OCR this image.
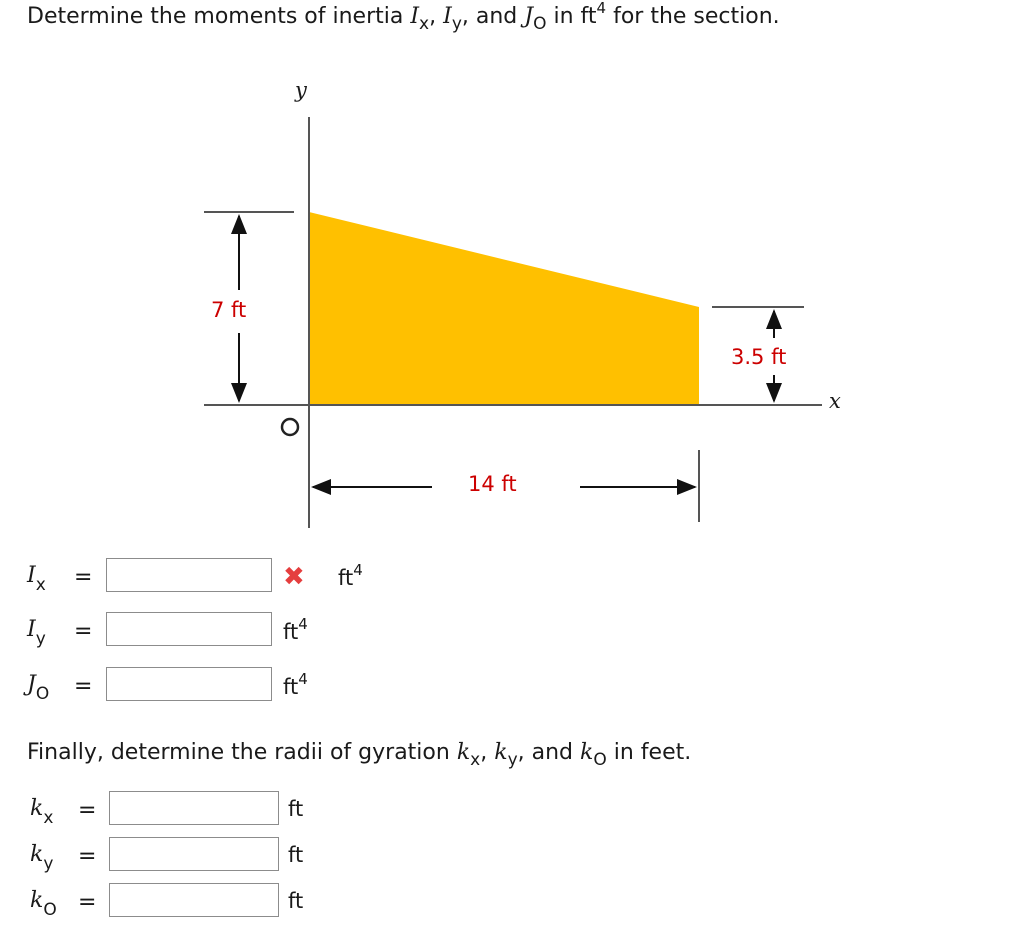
Determine the moments of inertia $I_x$, $I_y$, and $J_O$ in $ft^4$ for the section.
y
x
7 ft
3.5 ft
14 ft
$I_x$ =	✖ $ft^4$
$I_y$ =	$ft^4$
$J_O$ =	$ft^4$
Finally, determine the radii of gyration $k_x$, $k_y$, and $k_O$ in feet.
$k_x$ =	ft
$k_y$ =	ft
$k_O$ =	ft
